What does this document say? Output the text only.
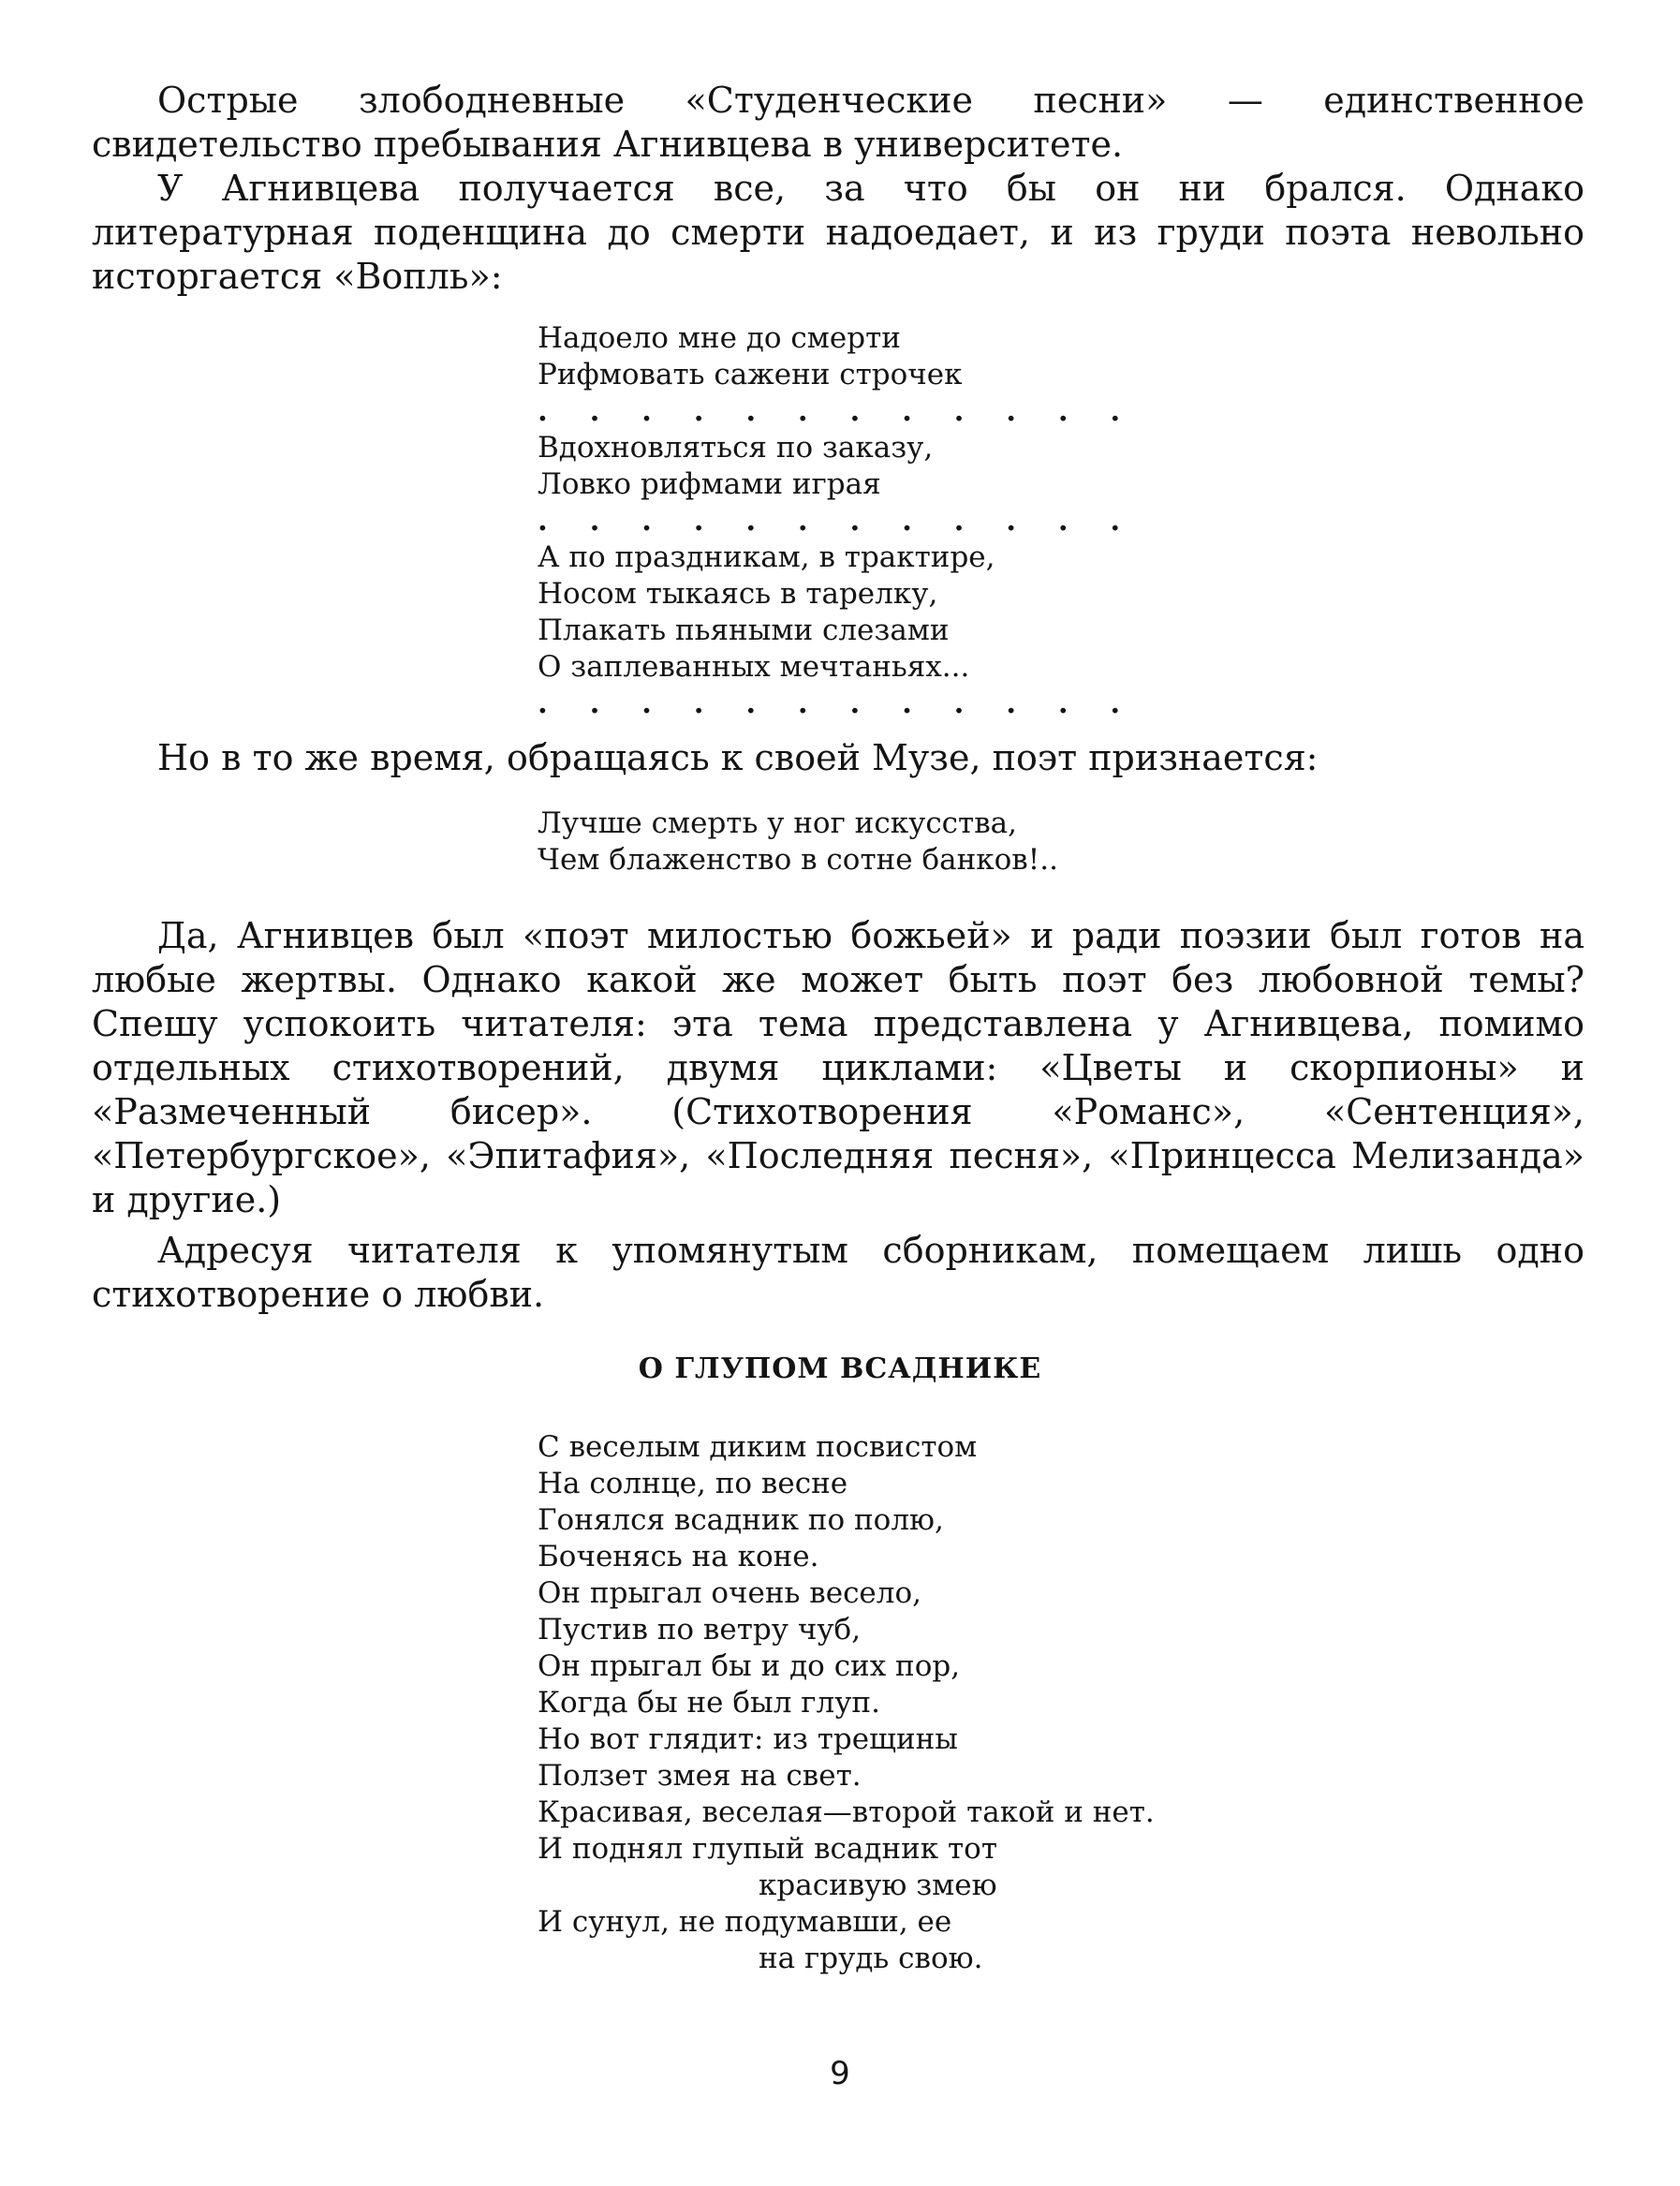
Острые злободневные «Студенческие песни» — единственное свидетельство пребывания Агнивцева в университете.

У Агнивцева получается все, за что бы он ни брался. Однако литературная поденщина до смерти надоедает, и из груди поэта невольно исторгается «Вопль»:

Надоело мне до смерти
Рифмовать сажени строчек
. . . . . . . . . . . .
Вдохновляться по заказу,
Ловко рифмами играя
. . . . . . . . . . . .
А по праздникам, в трактире,
Носом тыкаясь в тарелку,
Плакать пьяными слезами
О заплеванных мечтаньях...
. . . . . . . . . . . .

Но в то же время, обращаясь к своей Музе, поэт признается:

Лучше смерть у ног искусства,
Чем блаженство в сотне банков!..

Да, Агнивцев был «поэт милостью божьей» и ради поэзии был готов на любые жертвы. Однако какой же может быть поэт без любовной темы? Спешу успокоить читателя: эта тема представлена у Агнивцева, помимо отдельных стихотворений, двумя циклами: «Цветы и скорпионы» и «Размеченный бисер». (Стихотворения «Романс», «Сентенция», «Петербургское», «Эпитафия», «Последняя песня», «Принцесса Мелизанда» и другие.)

Адресуя читателя к упомянутым сборникам, помещаем лишь одно стихотворение о любви.

О ГЛУПОМ ВСАДНИКЕ
С веселым диким посвистом
На солнце, по весне
Гонялся всадник по полю,
Боченясь на коне.
Он прыгал очень весело,
Пустив по ветру чуб,
Он прыгал бы и до сих пор,
Когда бы не был глуп.
Но вот глядит: из трещины
Ползет змея на свет.
Красивая, веселая—второй такой и нет.
И поднял глупый всадник тот
красивую змею
И сунул, не подумавши, ее
на грудь свою.
9
